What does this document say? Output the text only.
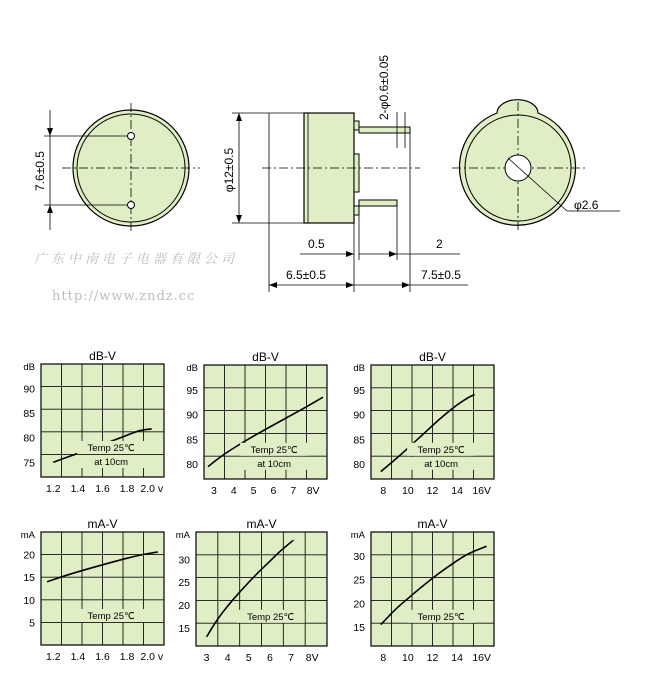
7.6±0.5	φ12±0.5
2-φ0.6±0.05
0.5	2
6.5±0.5	7.5±0.5
φ2.6
广东中南电子电器有限公司
http://www.zndz.cc
dB-V
dB
75
80
85
90
1.2 1.4 1.6 1.8 2.0 v
Temp 25℃
at 10cm
dB-V
dB
80
85
90
95
3 4 5 6 7 8V
Temp 25℃
at 10cm
dB-V
dB
80
85
90
95
8 10 12 14 16V
Temp 25℃
at 10cm
mA-V
mA
5
10
15
20
1.2 1.4 1.6 1.8 2.0 v
Temp 25℃
mA-V
mA
15
20
25
30
3 4 5 6 7 8V
Temp 25℃
mA-V
mA
15
20
25
30
8 10 12 14 16V
Temp 25℃
